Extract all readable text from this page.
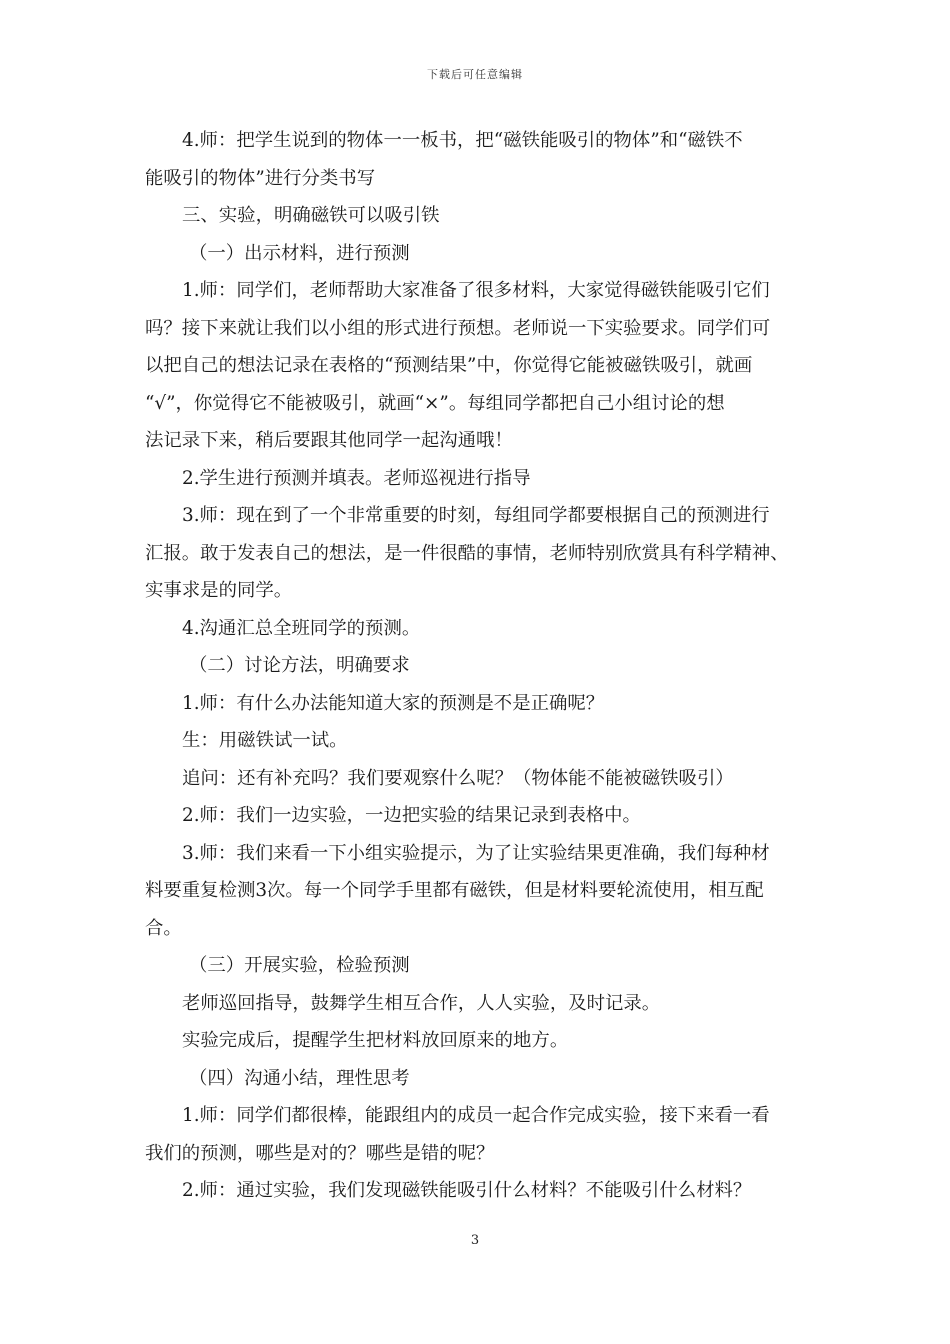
下载后可任意编辑
4.师：把学生说到的物体一一板书，把“磁铁能吸引的物体”和“磁铁不
能吸引的物体”进行分类书写
三、实验，明确磁铁可以吸引铁
（一）出示材料，进行预测
1.师：同学们，老师帮助大家准备了很多材料，大家觉得磁铁能吸引它们
吗？接下来就让我们以小组的形式进行预想。老师说一下实验要求。同学们可
以把自己的想法记录在表格的“预测结果”中，你觉得它能被磁铁吸引，就画
“√”，你觉得它不能被吸引，就画“×”。每组同学都把自己小组讨论的想
法记录下来，稍后要跟其他同学一起沟通哦！
2.学生进行预测并填表。老师巡视进行指导
3.师：现在到了一个非常重要的时刻，每组同学都要根据自己的预测进行
汇报。敢于发表自己的想法，是一件很酷的事情，老师特别欣赏具有科学精神、
实事求是的同学。
4.沟通汇总全班同学的预测。
（二）讨论方法，明确要求
1.师：有什么办法能知道大家的预测是不是正确呢？
生：用磁铁试一试。
追问：还有补充吗？我们要观察什么呢？（物体能不能被磁铁吸引）
2.师：我们一边实验，一边把实验的结果记录到表格中。
3.师：我们来看一下小组实验提示，为了让实验结果更准确，我们每种材
料要重复检测3次。每一个同学手里都有磁铁，但是材料要轮流使用，相互配
合。
（三）开展实验，检验预测
老师巡回指导，鼓舞学生相互合作，人人实验，及时记录。
实验完成后，提醒学生把材料放回原来的地方。
（四）沟通小结，理性思考
1.师：同学们都很棒，能跟组内的成员一起合作完成实验，接下来看一看
我们的预测，哪些是对的？哪些是错的呢？
2.师：通过实验，我们发现磁铁能吸引什么材料？不能吸引什么材料？
3
